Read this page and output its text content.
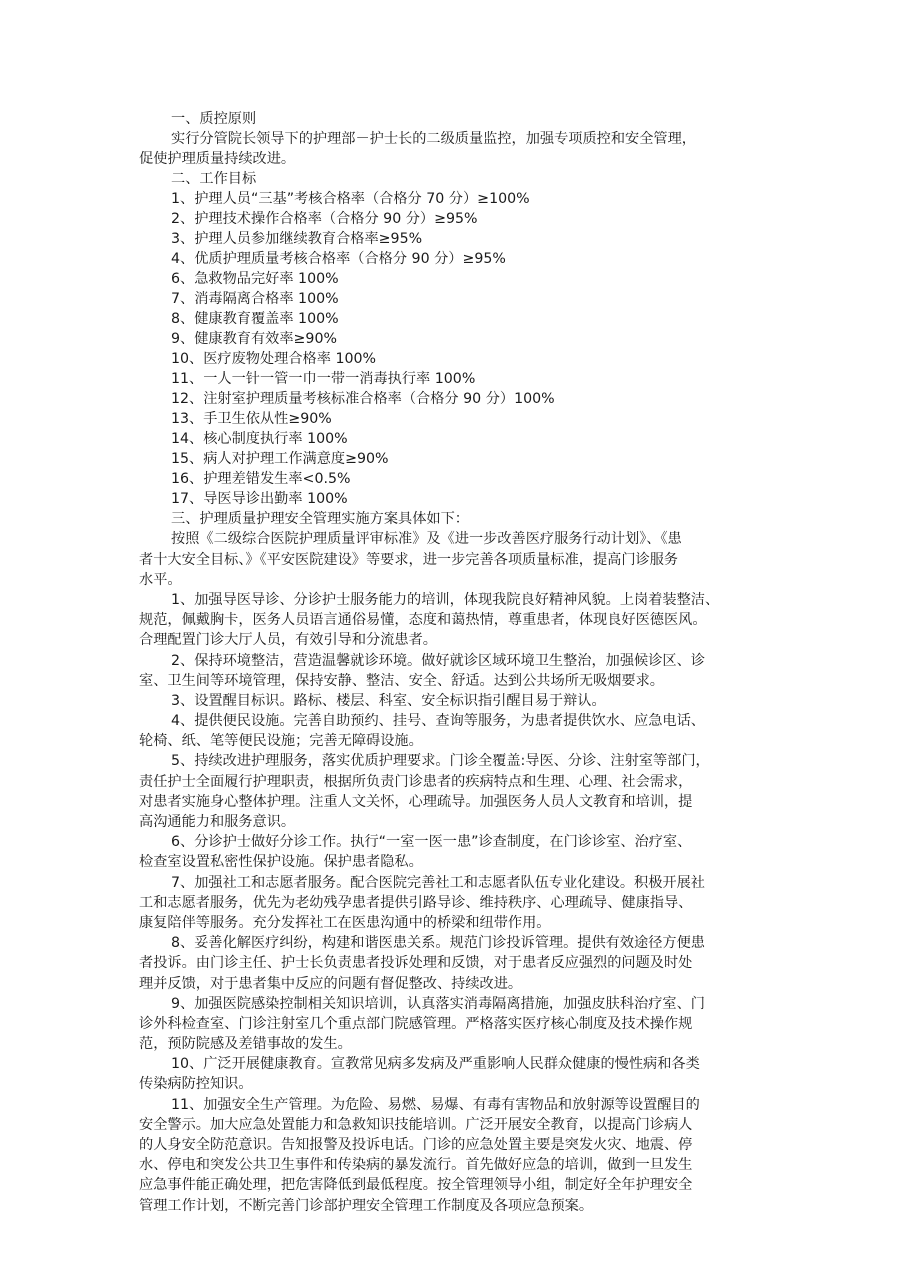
一、质控原则
实行分管院长领导下的护理部－护士长的二级质量监控，加强专项质控和安全管理，
促使护理质量持续改进。
二、工作目标
1、护理人员“三基”考核合格率（合格分 70 分）≥100%
2、护理技术操作合格率（合格分 90 分）≥95%
3、护理人员参加继续教育合格率≥95%
4、优质护理质量考核合格率（合格分 90 分）≥95%
6、急救物品完好率 100%
7、消毒隔离合格率 100%
8、健康教育覆盖率 100%
9、健康教育有效率≥90%
10、医疗废物处理合格率 100%
11、一人一针一管一巾一带一消毒执行率 100%
12、注射室护理质量考核标准合格率（合格分 90 分）100%
13、手卫生依从性≥90%
14、核心制度执行率 100%
15、病人对护理工作满意度≥90%
16、护理差错发生率<0.5%
17、导医导诊出勤率 100%
三、护理质量护理安全管理实施方案具体如下：
按照《二级综合医院护理质量评审标准》及《进一步改善医疗服务行动计划》、《患
者十大安全目标、》《平安医院建设》等要求，进一步完善各项质量标准，提高门诊服务
水平。
1、加强导医导诊、分诊护士服务能力的培训，体现我院良好精神风貌。上岗着装整洁、
规范，佩戴胸卡，医务人员语言通俗易懂，态度和蔼热情，尊重患者，体现良好医德医风。
合理配置门诊大厅人员，有效引导和分流患者。
2、保持环境整洁，营造温馨就诊环境。做好就诊区域环境卫生整治，加强候诊区、诊
室、卫生间等环境管理，保持安静、整洁、安全、舒适。达到公共场所无吸烟要求。
3、设置醒目标识。路标、楼层、科室、安全标识指引醒目易于辩认。
4、提供便民设施。完善自助预约、挂号、查询等服务，为患者提供饮水、应急电话、
轮椅、纸、笔等便民设施；完善无障碍设施。
5、持续改进护理服务，落实优质护理要求。门诊全覆盖:导医、分诊、注射室等部门，
责任护士全面履行护理职责，根据所负责门诊患者的疾病特点和生理、心理、社会需求，
对患者实施身心整体护理。注重人文关怀，心理疏导。加强医务人员人文教育和培训，提
高沟通能力和服务意识。
6、分诊护士做好分诊工作。执行“一室一医一患”诊查制度，在门诊诊室、治疗室、
检查室设置私密性保护设施。保护患者隐私。
7、加强社工和志愿者服务。配合医院完善社工和志愿者队伍专业化建设。积极开展社
工和志愿者服务，优先为老幼残孕患者提供引路导诊、维持秩序、心理疏导、健康指导、
康复陪伴等服务。充分发挥社工在医患沟通中的桥梁和纽带作用。
8、妥善化解医疗纠纷，构建和谐医患关系。规范门诊投诉管理。提供有效途径方便患
者投诉。由门诊主任、护士长负责患者投诉处理和反馈，对于患者反应强烈的问题及时处
理并反馈，对于患者集中反应的问题有督促整改、持续改进。
9、加强医院感染控制相关知识培训，认真落实消毒隔离措施，加强皮肤科治疗室、门
诊外科检查室、门诊注射室几个重点部门院感管理。严格落实医疗核心制度及技术操作规
范，预防院感及差错事故的发生。
10、广泛开展健康教育。宣教常见病多发病及严重影响人民群众健康的慢性病和各类
传染病防控知识。
11、加强安全生产管理。为危险、易燃、易爆、有毒有害物品和放射源等设置醒目的
安全警示。加大应急处置能力和急救知识技能培训。广泛开展安全教育，以提高门诊病人
的人身安全防范意识。告知报警及投诉电话。门诊的应急处置主要是突发火灾、地震、停
水、停电和突发公共卫生事件和传染病的暴发流行。首先做好应急的培训，做到一旦发生
应急事件能正确处理，把危害降低到最低程度。按全管理领导小组，制定好全年护理安全
管理工作计划，不断完善门诊部护理安全管理工作制度及各项应急预案。
